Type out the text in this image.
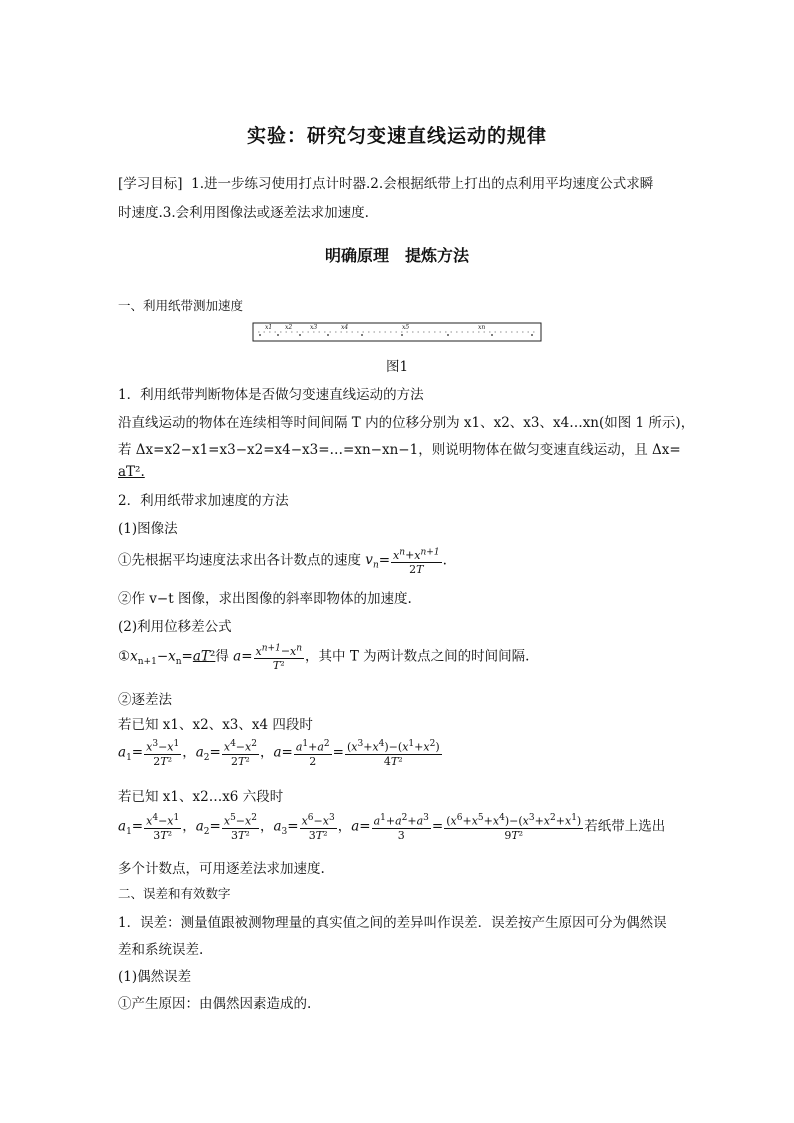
实验：研究匀变速直线运动的规律
[学习目标] 1.进一步练习使用打点计时器.2.会根据纸带上打出的点利用平均速度公式求瞬
时速度.3.会利用图像法或逐差法求加速度.
明确原理　提炼方法
一、利用纸带测加速度
x1 x2	x3	x4	x5	xn
图1
1．利用纸带判断物体是否做匀变速直线运动的方法
沿直线运动的物体在连续相等时间间隔 T 内的位移分别为 x1、x2、x3、x4…xn(如图 1 所示)，
若 Δx=x2−x1=x3−x2=x4−x3=…=xn−xn−1，则说明物体在做匀变速直线运动，且 Δx=
aT².
2．利用纸带求加速度的方法
(1)图像法
①先根据平均速度法求出各计数点的速度 $v_n= \frac{x^n+x^{n+1}}{2T}$ .
②作 v−t 图像，求出图像的斜率即物体的加速度.
(2)利用位移差公式
$①x_{n+1}-x_n=aT^2$得 $a= \frac{x^{n+1}-x^n}{\text{T²}}$ ，其中 T 为两计数点之间的时间间隔.
②逐差法
若已知 x1、x2、x3、x4 四段时
$a_1= \frac{x^3-x^1}{\text{2T²}}$ ，$a_2= \frac{x^4-x^2}{\text{2T²}}$ ，$a= \frac{a^1+a^2}{2} = \frac{(x^3+x^4)-(x^1+x^2)}{\text{4T²}}$
若已知 x1、x2…x6 六段时
$a_1= \frac{x^4-x^1}{\text{3T²}}$ ，$a_2= \frac{x^5-x^2}{\text{3T²}}$ ，$a_3= \frac{x^6-x^3}{\text{3T²}}$ ，$a= \frac{a^1+a^2+a^3}{3} = \frac{(x^6+x^5+x^4)-(x^3+x^2+x^1)}{\text{9T²}}$ 若纸带上选出
多个计数点，可用逐差法求加速度.
二、误差和有效数字
1．误差：测量值跟被测物理量的真实值之间的差异叫作误差．误差按产生原因可分为偶然误
差和系统误差.
(1)偶然误差
①产生原因：由偶然因素造成的.
